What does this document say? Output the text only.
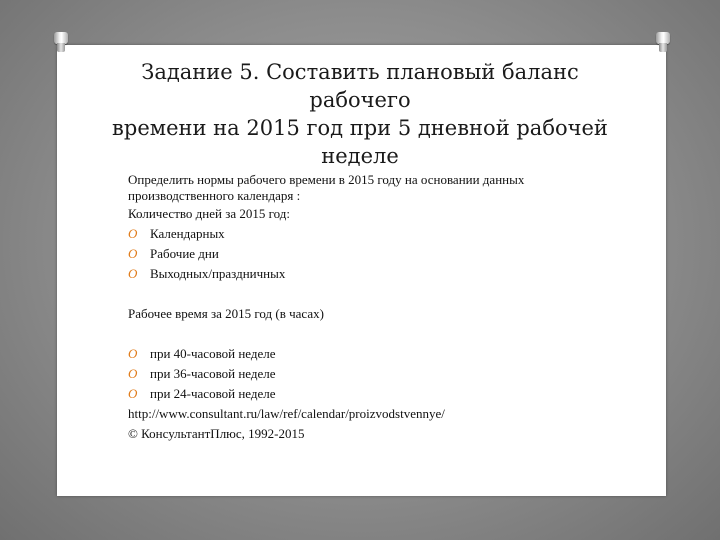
Задание 5. Составить плановый баланс рабочего
времени на 2015 год при 5 дневной рабочей
неделе

Определить нормы рабочего времени в 2015 году на основании данных
производственного календаря :

Количество дней за 2015 год:
O Календарных
O Рабочие дни
O Выходных/праздничных
Рабочее время за 2015 год (в часах)
O при 40-часовой неделе
O при 36-часовой неделе
O при 24-часовой неделе
http://www.consultant.ru/law/ref/calendar/proizvodstvennye/
© КонсультантПлюс, 1992-2015
